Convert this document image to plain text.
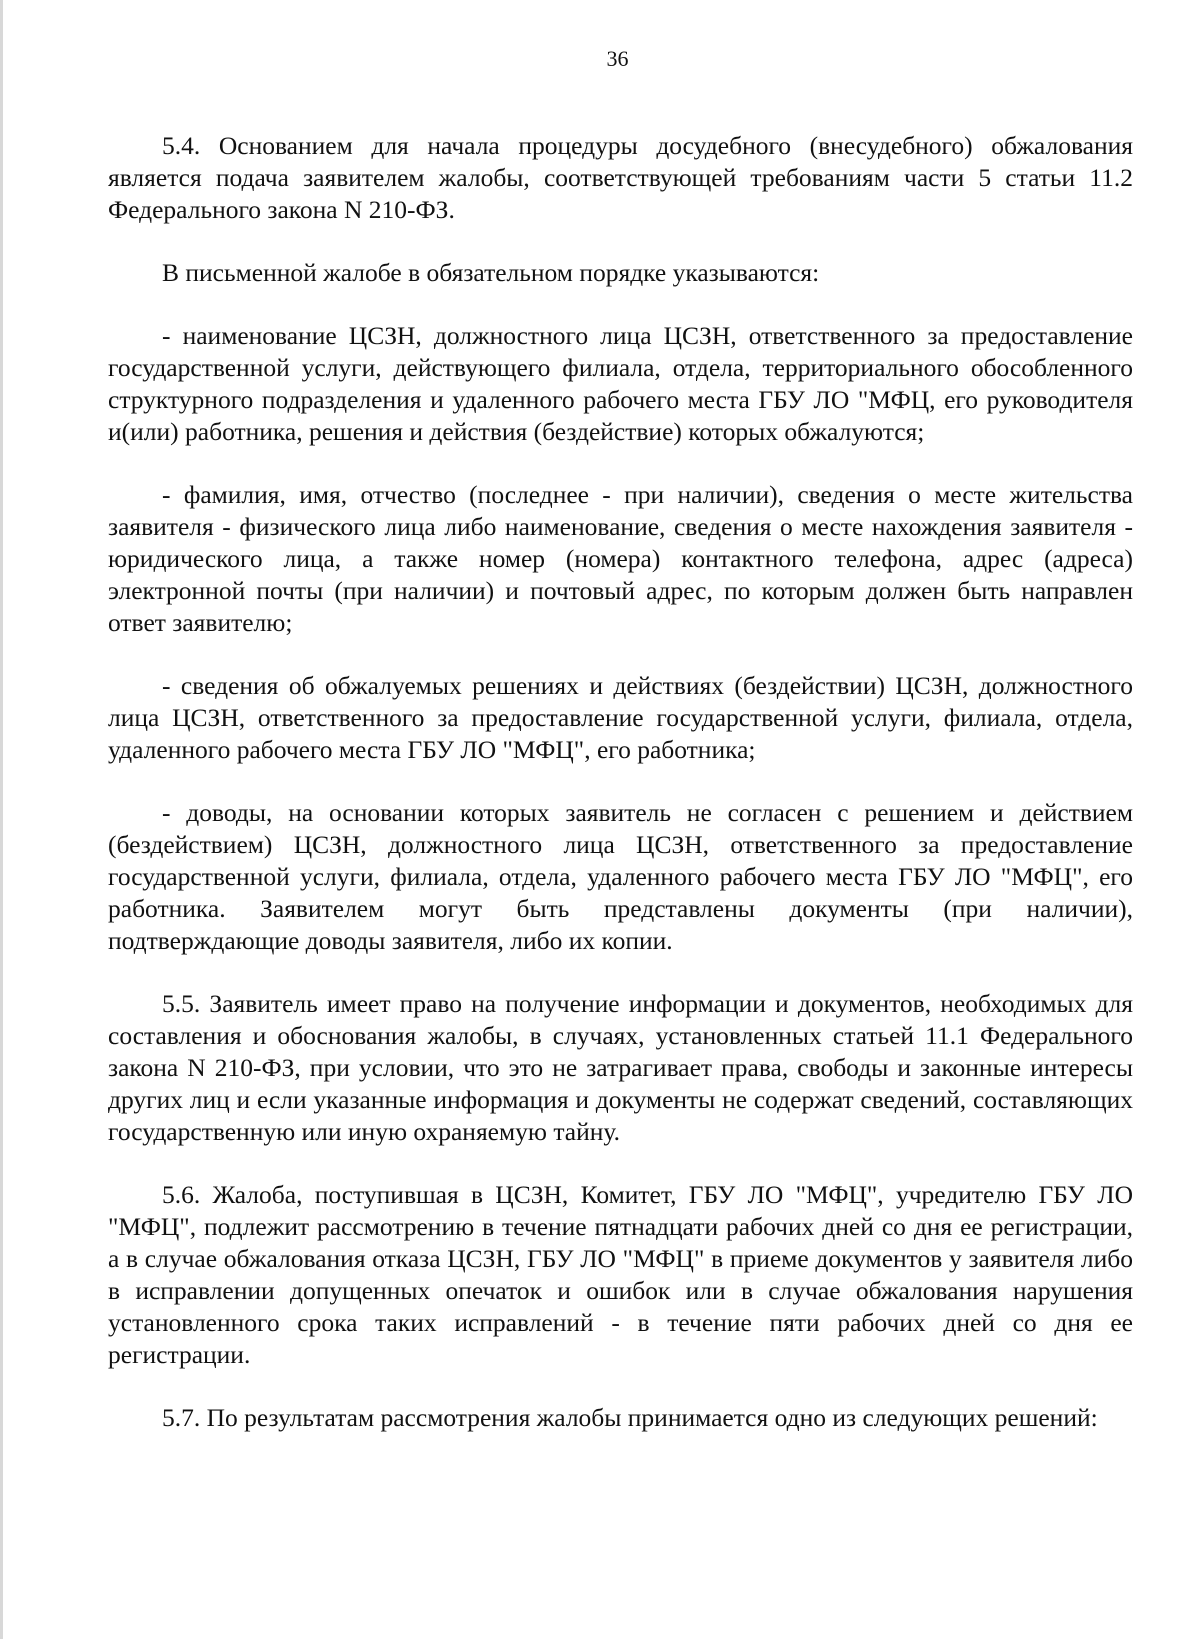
36

5.4. Основанием для начала процедуры досудебного (внесудебного) обжалования является подача заявителем жалобы, соответствующей требованиям части 5 статьи 11.2 Федерального закона N 210-ФЗ.

В письменной жалобе в обязательном порядке указываются:

- наименование ЦСЗН, должностного лица ЦСЗН, ответственного за предоставление государственной услуги, действующего филиала, отдела, территориального обособленного структурного подразделения и удаленного рабочего места ГБУ ЛО "МФЦ, его руководителя и(или) работника, решения и действия (бездействие) которых обжалуются;

- фамилия, имя, отчество (последнее - при наличии), сведения о месте жительства заявителя - физического лица либо наименование, сведения о месте нахождения заявителя - юридического лица, а также номер (номера) контактного телефона, адрес (адреса) электронной почты (при наличии) и почтовый адрес, по которым должен быть направлен ответ заявителю;

- сведения об обжалуемых решениях и действиях (бездействии) ЦСЗН, должностного лица ЦСЗН, ответственного за предоставление государственной услуги, филиала, отдела, удаленного рабочего места ГБУ ЛО "МФЦ", его работника;

- доводы, на основании которых заявитель не согласен с решением и действием (бездействием) ЦСЗН, должностного лица ЦСЗН, ответственного за предоставление государственной услуги, филиала, отдела, удаленного рабочего места ГБУ ЛО "МФЦ", его работника. Заявителем могут быть представлены документы (при наличии), подтверждающие доводы заявителя, либо их копии.

5.5. Заявитель имеет право на получение информации и документов, необходимых для составления и обоснования жалобы, в случаях, установленных статьей 11.1 Федерального закона N 210-ФЗ, при условии, что это не затрагивает права, свободы и законные интересы других лиц и если указанные информация и документы не содержат сведений, составляющих государственную или иную охраняемую тайну.

5.6. Жалоба, поступившая в ЦСЗН, Комитет, ГБУ ЛО "МФЦ", учредителю ГБУ ЛО "МФЦ", подлежит рассмотрению в течение пятнадцати рабочих дней со дня ее регистрации, а в случае обжалования отказа ЦСЗН, ГБУ ЛО "МФЦ" в приеме документов у заявителя либо в исправлении допущенных опечаток и ошибок или в случае обжалования нарушения установленного срока таких исправлений - в течение пяти рабочих дней со дня ее регистрации.

5.7. По результатам рассмотрения жалобы принимается одно из следующих решений:
